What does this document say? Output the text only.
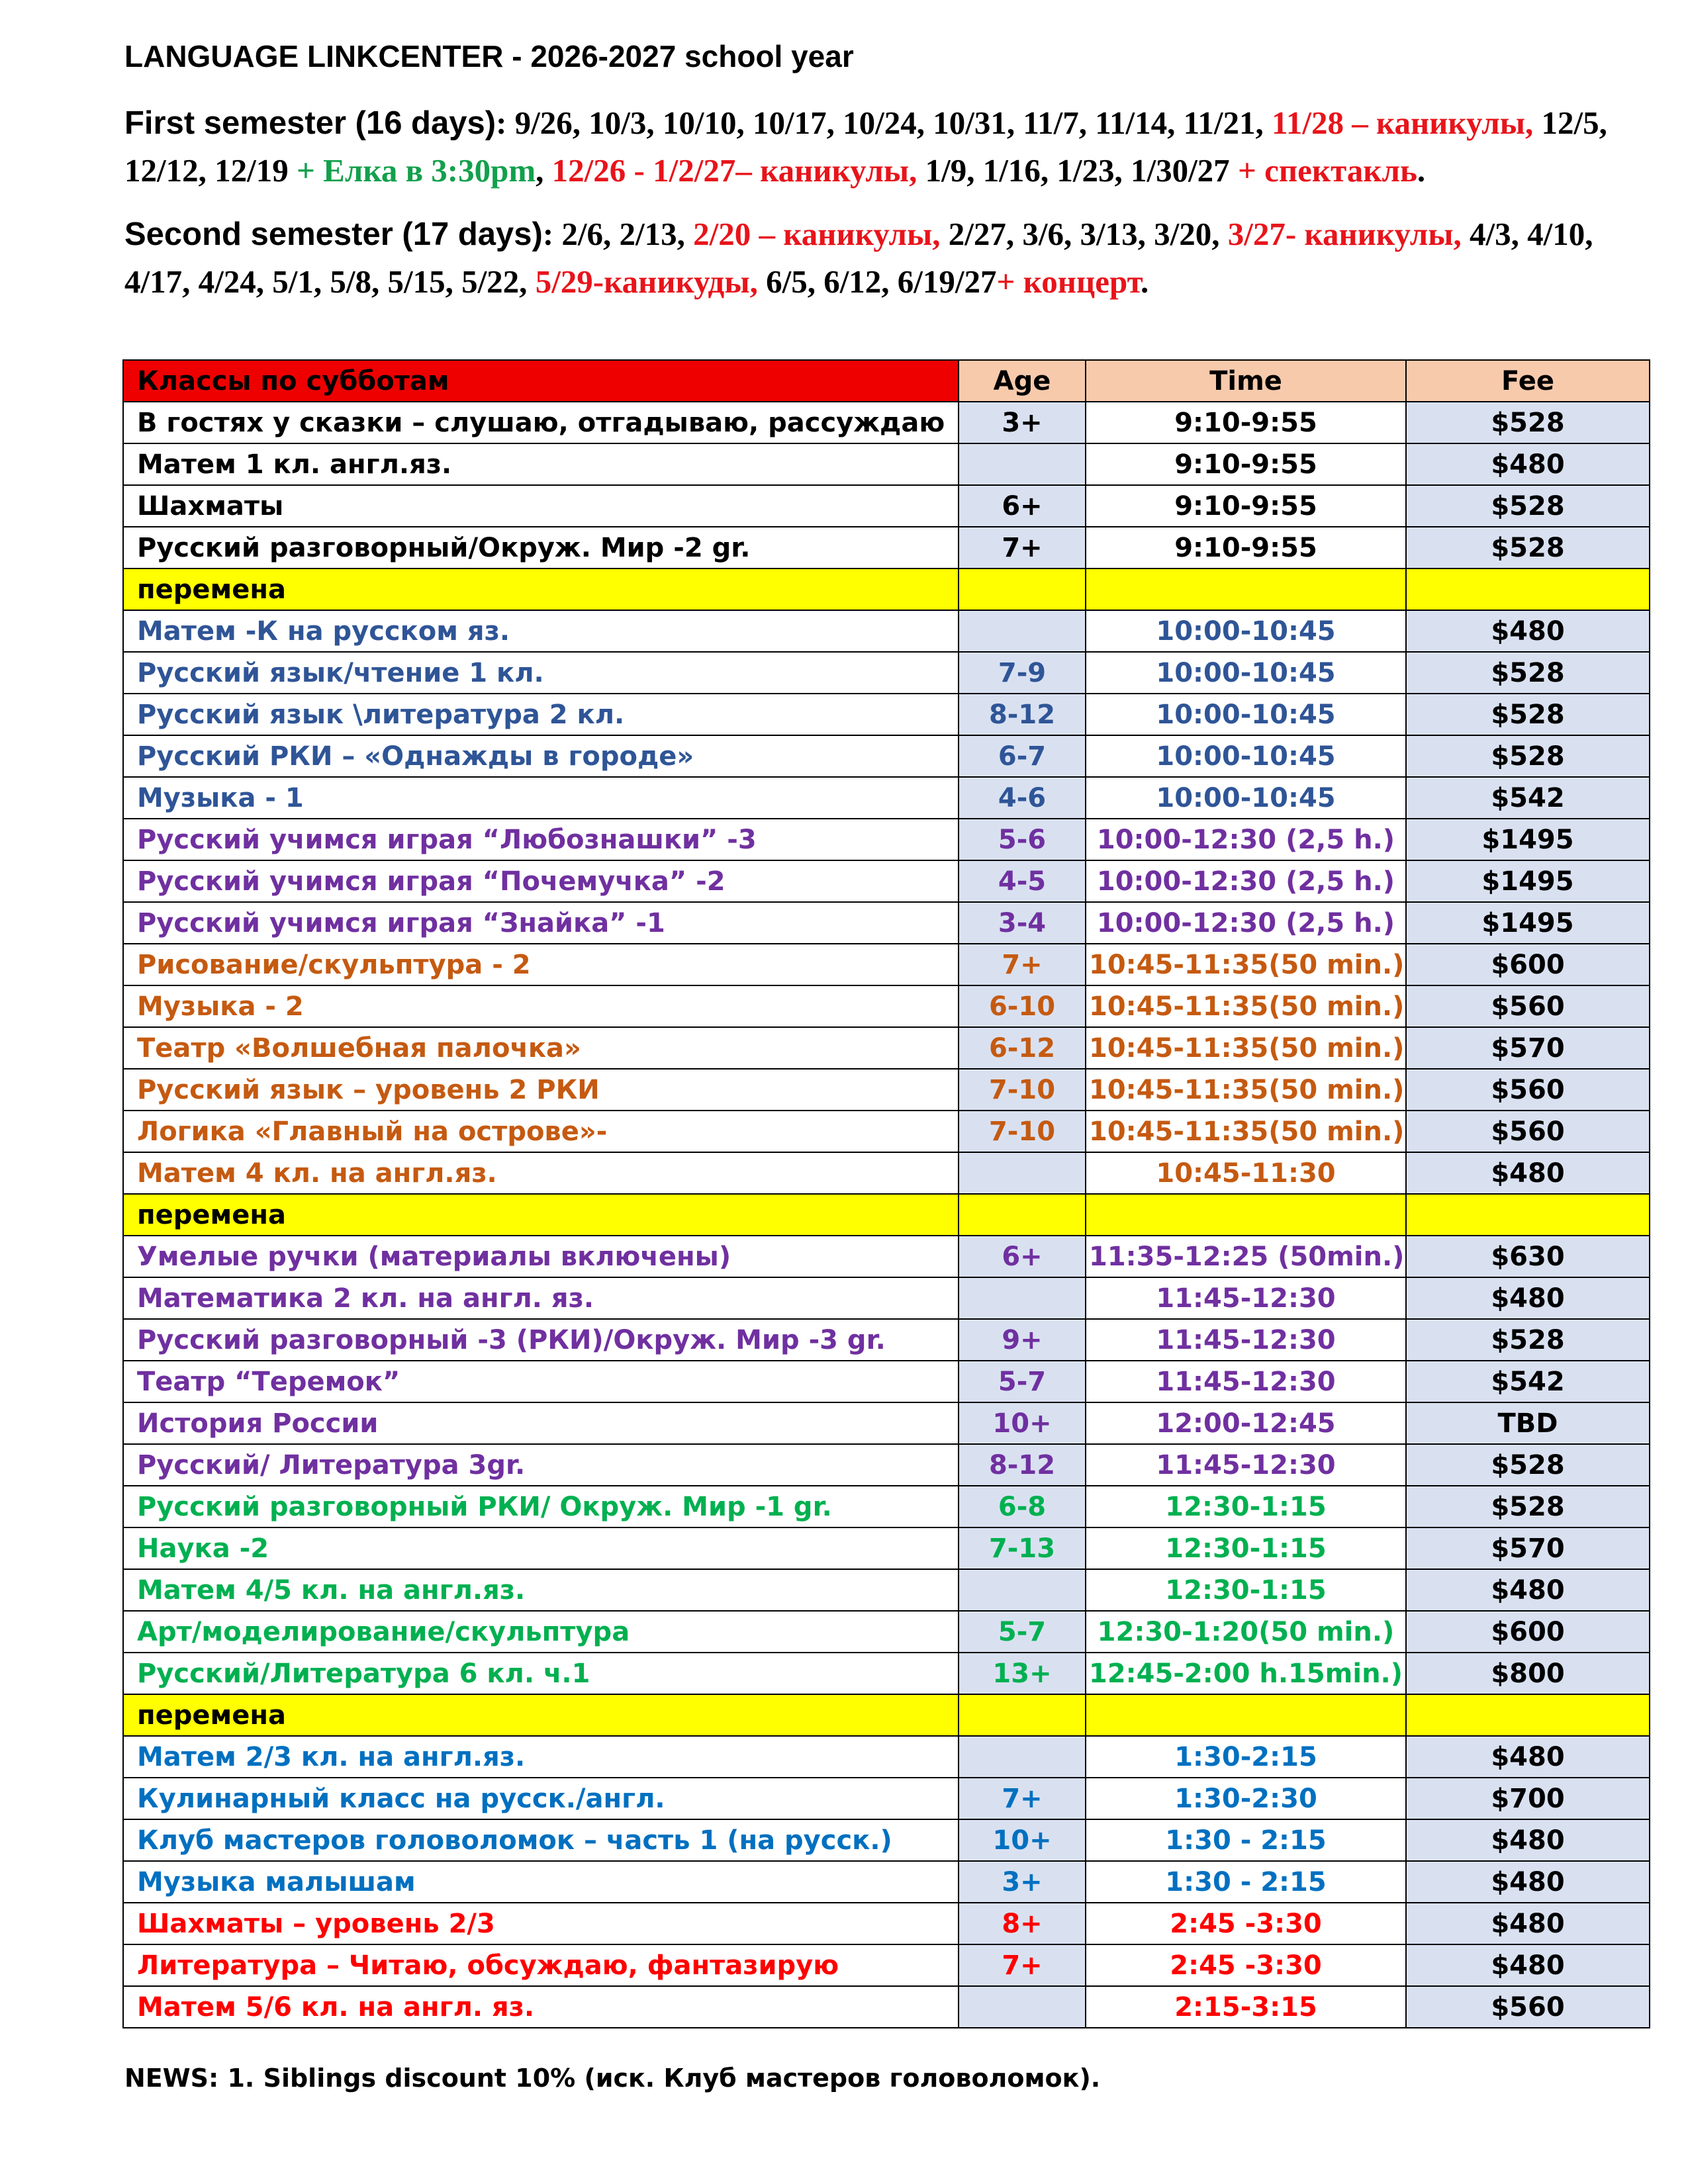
LANGUAGE LINKCENTER - 2026-2027 school year
First semester (16 days): 9/26, 10/3, 10/10, 10/17, 10/24, 10/31, 11/7, 11/14, 11/21, 11/28 – каникулы, 12/5, 12/12, 12/19 + Елка в 3:30pm, 12/26 - 1/2/27– каникулы, 1/9, 1/16, 1/23, 1/30/27 + спектакль.
Second semester (17 days): 2/6, 2/13, 2/20 – каникулы, 2/27, 3/6, 3/13, 3/20, 3/27- каникулы, 4/3, 4/10, 4/17, 4/24, 5/1, 5/8, 5/15, 5/22, 5/29-каникуды, 6/5, 6/12, 6/19/27+ концерт.
Классы по субботам	Age	Time	Fee
В гостях у сказки – слушаю, отгадываю, рассуждаю	3+	9:10-9:55	$528
Матем 1 кл. англ.яз.		9:10-9:55	$480
Шахматы	6+	9:10-9:55	$528
Русский разговорный/Окруж. Мир -2 gr.	7+	9:10-9:55	$528
перемена			
Матем -К на русском яз.		10:00-10:45	$480
Русский язык/чтение 1 кл.	7-9	10:00-10:45	$528
Русский язык \литература 2 кл.	8-12	10:00-10:45	$528
Русский РКИ – «Однажды в городе»	6-7	10:00-10:45	$528
Музыка - 1	4-6	10:00-10:45	$542
Русский учимся играя “Любознашки” -3	5-6	10:00-12:30 (2,5 h.)	$1495
Русский учимся играя “Почемучка” -2	4-5	10:00-12:30 (2,5 h.)	$1495
Русский учимся играя “Знайка” -1	3-4	10:00-12:30 (2,5 h.)	$1495
Рисование/скульптура - 2	7+	10:45-11:35(50 min.)	$600
Музыка - 2	6-10	10:45-11:35(50 min.)	$560
Театр «Волшебная палочка»	6-12	10:45-11:35(50 min.)	$570
Русский язык – уровень 2 РКИ	7-10	10:45-11:35(50 min.)	$560
Логика «Главный на острове»-	7-10	10:45-11:35(50 min.)	$560
Матем 4 кл. на англ.яз.		10:45-11:30	$480
перемена			
Умелые ручки (материалы включены)	6+	11:35-12:25 (50min.)	$630
Математика 2 кл. на англ. яз.		11:45-12:30	$480
Русский разговорный -3 (РКИ)/Окруж. Мир -3 gr.	9+	11:45-12:30	$528
Театр “Теремок”	5-7	11:45-12:30	$542
История России	10+	12:00-12:45	TBD
Русский/ Литература 3gr.	8-12	11:45-12:30	$528
Русский разговорный РКИ/ Окруж. Мир -1 gr.	6-8	12:30-1:15	$528
Наука -2	7-13	12:30-1:15	$570
Матем 4/5 кл. на англ.яз.		12:30-1:15	$480
Арт/моделирование/скульптура	5-7	12:30-1:20(50 min.)	$600
Русский/Литература 6 кл. ч.1	13+	12:45-2:00 h.15min.)	$800
перемена			
Матем 2/3 кл. на англ.яз.		1:30-2:15	$480
Кулинарный класс на русск./англ.	7+	1:30-2:30	$700
Клуб мастеров головоломок – часть 1 (на русск.)	10+	1:30 - 2:15	$480
Музыка малышам	3+	1:30 - 2:15	$480
Шахматы – уровень 2/3	8+	2:45 -3:30	$480
Литература – Читаю, обсуждаю, фантазирую	7+	2:45 -3:30	$480
Матем 5/6 кл. на англ. яз.		2:15-3:15	$560
NEWS: 1. Siblings discount 10% (иск. Клуб мастеров головоломок).
